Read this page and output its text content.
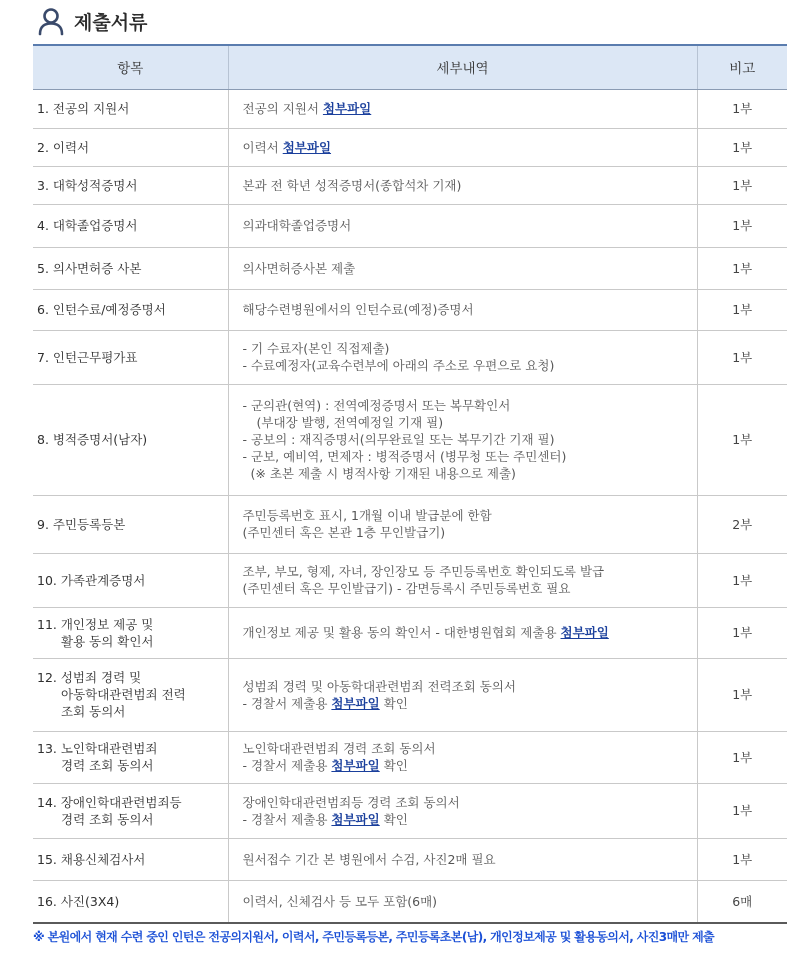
제출서류
항목	세부내역	비고

1. 전공의 지원서	전공의 지원서 첨부파일	1부

2. 이력서	이력서 첨부파일	1부

3. 대학성적증명서	본과 전 학년 성적증명서(종합석차 기재)	1부

4. 대학졸업증명서	의과대학졸업증명서	1부

5. 의사면허증 사본	의사면허증사본 제출	1부

6. 인턴수료/예정증명서	해당수련병원에서의 인턴수료(예정)증명서	1부

7. 인턴근무평가표	- 기 수료자(본인 직접제출)
- 수료예정자(교육수련부에 아래의 주소로 우편으로 요청)	1부

8. 병적증명서(남자)	- 군의관(현역) : 전역예정증명서 또는 복무확인서
(부대장 발행, 전역예정일 기재 필)
- 공보의 : 재직증명서(의무완료일 또는 복무기간 기재 필)
- 군보, 예비역, 면제자 : 병적증명서 (병무청 또는 주민센터)
(※ 초본 제출 시 병적사항 기재된 내용으로 제출)	1부

9. 주민등록등본	주민등록번호 표시, 1개월 이내 발급분에 한함
(주민센터 혹은 본관 1층 무인발급기)	2부

10. 가족관계증명서	조부, 부모, 형제, 자녀, 장인장모 등 주민등록번호 확인되도록 발급
(주민센터 혹은 무인발급기) - 감면등록시 주민등록번호 필요	1부

11. 개인정보 제공 및
활용 동의 확인서	개인정보 제공 및 활용 동의 확인서 - 대한병원협회 제출용 첨부파일	1부

12. 성범죄 경력 및
아동학대관련범죄 전력
조회 동의서	성범죄 경력 및 아동학대관련범죄 전력조회 동의서
- 경찰서 제출용 첨부파일 확인	1부

13. 노인학대관련범죄
경력 조회 동의서	노인학대관련범죄 경력 조회 동의서
- 경찰서 제출용 첨부파일 확인	1부

14. 장애인학대관련범죄등
경력 조회 동의서	장애인학대관련범죄등 경력 조회 동의서
- 경찰서 제출용 첨부파일 확인	1부

15. 채용신체검사서	원서접수 기간 본 병원에서 수검, 사진2매 필요	1부

16. 사진(3X4)	이력서, 신체검사 등 모두 포함(6매)	6매
※ 본원에서 현재 수련 중인 인턴은 전공의지원서, 이력서, 주민등록등본, 주민등록초본(남), 개인정보제공 및 활용동의서, 사진3매만 제출
